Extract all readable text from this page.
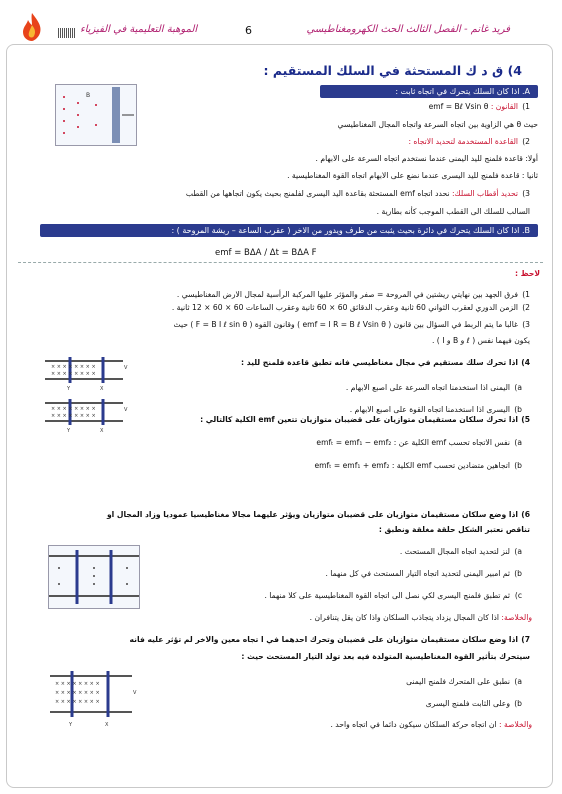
الموهبة التعليمية في الفيزياء	6	فريد غانم - الفصل الثالث الحث الكهرومغناطيسي
4) ق د ك المستحثة في السلك المستقيم :
A. اذا كان السلك يتحرك في اتجاه ثابت :
B
1)القانون : emf = Bℓ Vsin θ
حيث θ هي الزاوية بين اتجاه السرعة واتجاه المجال المغناطيسي
2)القاعدة المستخدمة لتحديد الاتجاه :
أولا: قاعدة فلمنج لليد اليمنى عندما نستخدم اتجاه السرعة على الابهام .
ثانيا : قاعدة فلمنج لليد اليسرى عندما نضع على الابهام اتجاه القوة المغناطيسية .
3)تحديد أقطاب السلك: نحدد اتجاه emf المستحثة بقاعدة اليد اليسرى لفلمنج بحيث يكون اتجاهها من القطب
السالب للسلك الى القطب الموجب كأنه بطارية .
B. اذا كان السلك يتحرك في دائرة بحيث يثبت من طرف ويدور من الاخر ( عقرب الساعة – ريشة المروحة ) :
emf = BΔA / Δt = BΔA F
لاحظ :
1)فرق الجهد بين نهايتي ريشتين في المروحة = صفر والمؤثر عليها المركبة الرأسية لمجال الارض المغناطيسي .
2)الزمن الدوري لعقرب الثواني 60 ثانية وعقرب الدقائق 60 × 60 ثانية وعقرب الساعات 60 × 60 × 12 ثانية .
3)غالبا ما يتم الربط في السؤال بين قانون ( emf = I R = B ℓ Vsin θ ) وقانون القوة ( F = B I ℓ sin θ ) حيث
يكون فيهما نفس ( ℓ و B و I ) .
4)اذا تحرك سلك مستقيم في مجال مغناطيسي فانه تطبق قاعدة فلمنج لليد :
a)اليمنى اذا استخدمنا اتجاه السرعة على اصبع الابهام .
b)اليسرى اذا استخدمنا اتجاه القوة على اصبع الابهام .
× × × × × × × ×
× × × × × × × ×
× × × × × × × ×
× × × × × × × ×
V
V
Y	X
Y	X
5)اذا تحرك سلكان مستقيمان متوازيان على قضيبان متوازيان تتعين emf الكلية كالتالي :
a)نفس الاتجاه تحسب emf الكلية عن : emfₜ = emf₁ − emf₂
b)اتجاهين متضادين تحسب emf الكلية : emfₜ = emf₁ + emf₂
6)اذا وضع سلكان مستقيمان متوازيان على قضيبان متوازيان ويؤثر عليهما مجالا مغناطيسيا عموديا وزاد المجال او
تناقص نعتبر الشكل حلقة مغلقة ونطبق :
a)لنز لتحديد اتجاه المجال المستحث .
b)ثم امبير اليمنى لتحديد اتجاه التيار المستحث في كل منهما .
c)ثم تطبق فلمنج اليسرى لكي نصل الى اتجاه القوة المغناطيسية على كلا منهما .
والخلاصة: اذا كان المجال يزداد يتجاذب السلكان واذا كان يقل يتنافران .
7)اذا وضع سلكان مستقيمان متوازيان على قضيبان وتحرك احدهما في ا تجاه معين والاخر لم تؤثر عليه فانه
سيتحرك بتأثير القوة المغناطيسية المتولدة فيه بعد تولد التيار المستحث حيث :
a)نطبق على المتحرك فلمنج اليمنى
b)وعلى الثابت فلمنج اليسرى
والخلاصة : ان اتجاه حركة السلكان سيكون دائما في اتجاه واحد .
× × × × × × × ×
× × × × × × × ×
× × × × × × × ×
V
Y	X
